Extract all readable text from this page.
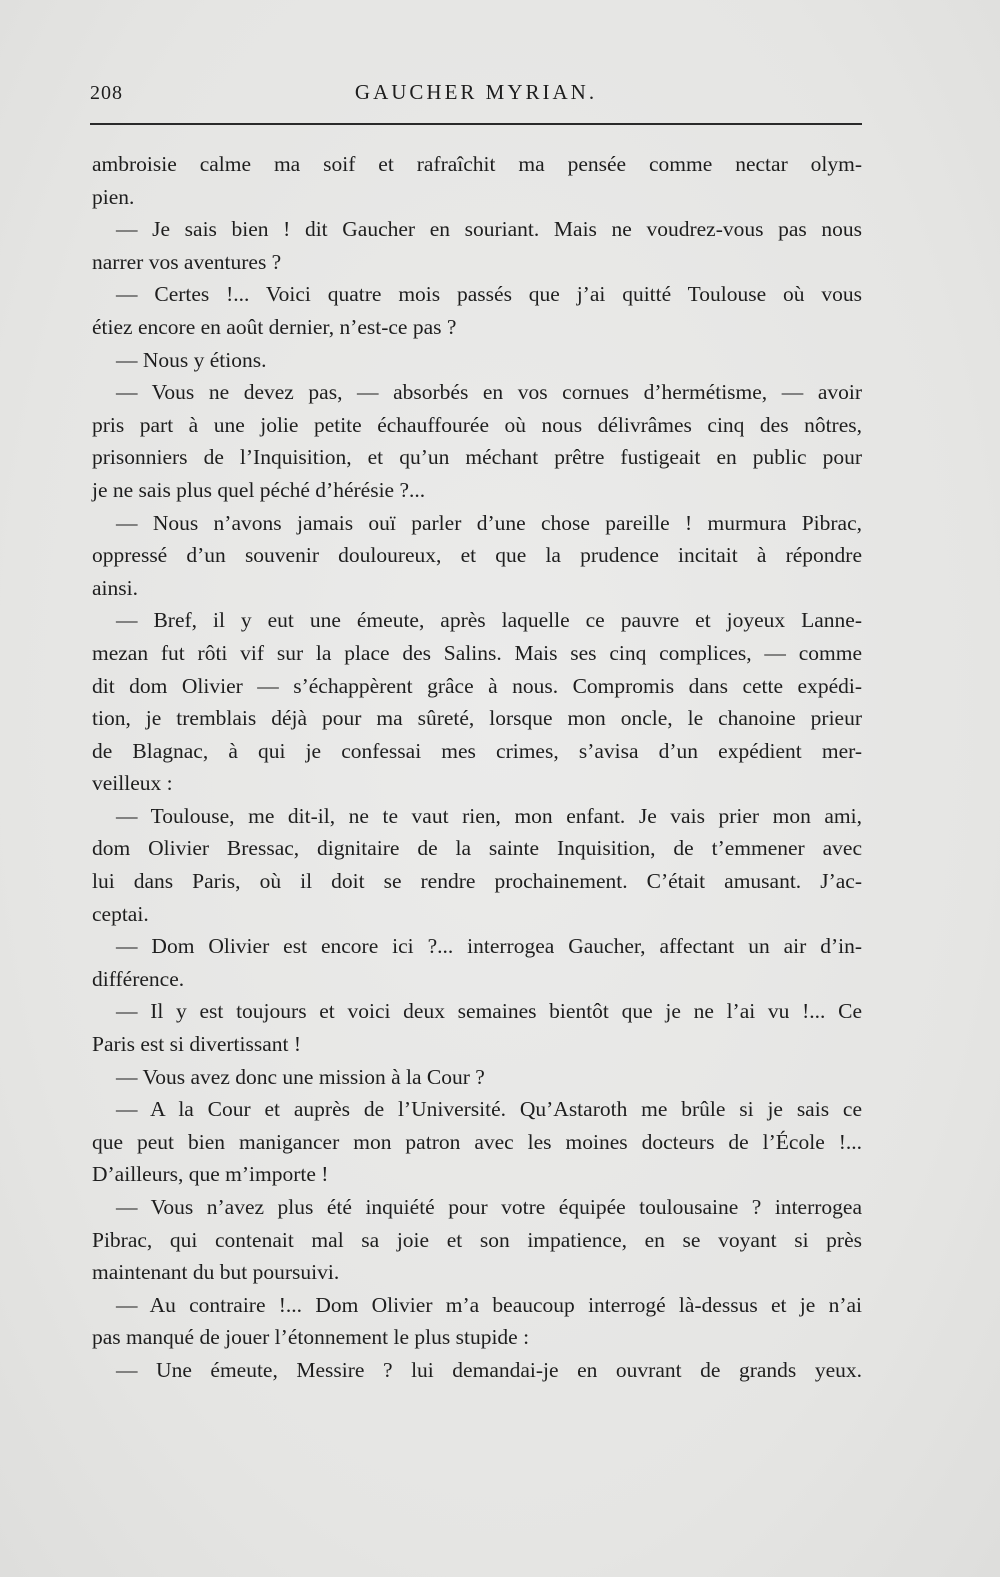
208	GAUCHER MYRIAN.
ambroisie calme ma soif et rafraîchit ma pensée comme nectar olym-
pien.
— Je sais bien ! dit Gaucher en souriant. Mais ne voudrez-vous pas nous
narrer vos aventures ?
— Certes !... Voici quatre mois passés que j’ai quitté Toulouse où vous
étiez encore en août dernier, n’est-ce pas ?
— Nous y étions.
— Vous ne devez pas, — absorbés en vos cornues d’hermétisme, — avoir
pris part à une jolie petite échauffourée où nous délivrâmes cinq des nôtres,
prisonniers de l’Inquisition, et qu’un méchant prêtre fustigeait en public pour
je ne sais plus quel péché d’hérésie ?...
— Nous n’avons jamais ouï parler d’une chose pareille ! murmura Pibrac,
oppressé d’un souvenir douloureux, et que la prudence incitait à répondre
ainsi.
— Bref, il y eut une émeute, après laquelle ce pauvre et joyeux Lanne-
mezan fut rôti vif sur la place des Salins. Mais ses cinq complices, — comme
dit dom Olivier — s’échappèrent grâce à nous. Compromis dans cette expédi-
tion, je tremblais déjà pour ma sûreté, lorsque mon oncle, le chanoine prieur
de Blagnac, à qui je confessai mes crimes, s’avisa d’un expédient mer-
veilleux :
— Toulouse, me dit-il, ne te vaut rien, mon enfant. Je vais prier mon ami,
dom Olivier Bressac, dignitaire de la sainte Inquisition, de t’emmener avec
lui dans Paris, où il doit se rendre prochainement. C’était amusant. J’ac-
ceptai.
— Dom Olivier est encore ici ?... interrogea Gaucher, affectant un air d’in-
différence.
— Il y est toujours et voici deux semaines bientôt que je ne l’ai vu !... Ce
Paris est si divertissant !
— Vous avez donc une mission à la Cour ?
— A la Cour et auprès de l’Université. Qu’Astaroth me brûle si je sais ce
que peut bien manigancer mon patron avec les moines docteurs de l’École !...
D’ailleurs, que m’importe !
— Vous n’avez plus été inquiété pour votre équipée toulousaine ? interrogea
Pibrac, qui contenait mal sa joie et son impatience, en se voyant si près
maintenant du but poursuivi.
— Au contraire !... Dom Olivier m’a beaucoup interrogé là-dessus et je n’ai
pas manqué de jouer l’étonnement le plus stupide :
— Une émeute, Messire ? lui demandai-je en ouvrant de grands yeux.
